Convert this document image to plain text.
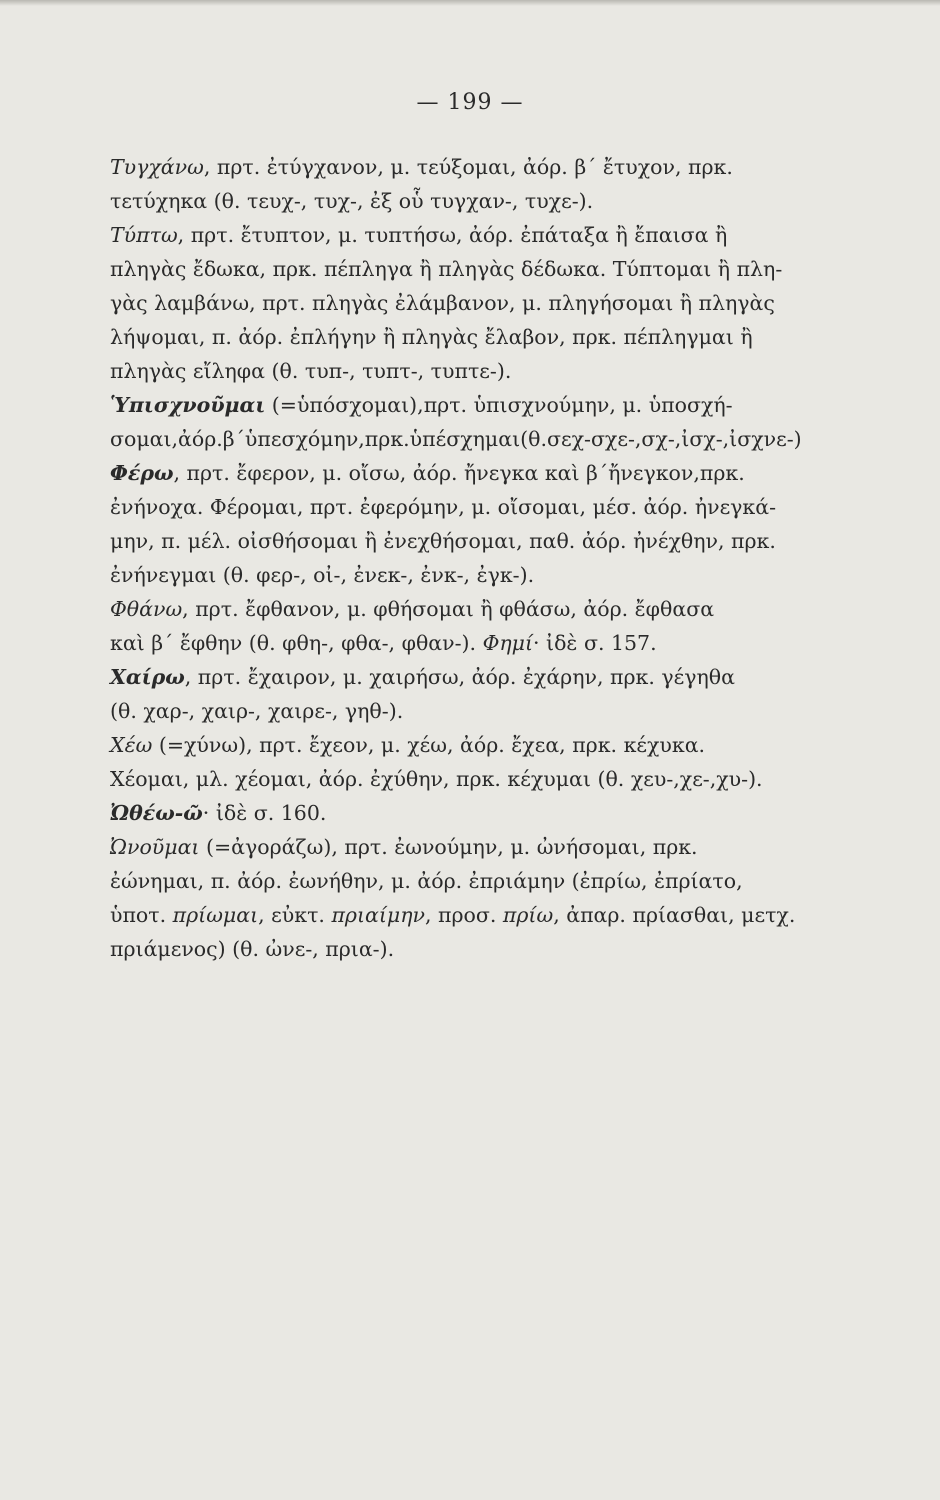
— 199 —
Τυγχάνω , πρτ. ἐτύγχανον, μ. τεύξομαι, ἀόρ. β΄ ἔτυχον, πρκ.
τετύχηκα (θ. τευχ-, τυχ-, ἐξ οὗ τυγχαν-, τυχε-).
Τύπτω , πρτ. ἔτυπτον, μ. τυπτήσω, ἀόρ. ἐπάταξα ἢ ἔπαισα ἢ
πληγὰς ἔδωκα, πρκ. πέπληγα ἢ πληγὰς δέδωκα. Τύπτομαι ἢ πλη-
γὰς λαμβάνω, πρτ. πληγὰς ἐλάμβανον, μ. πληγήσομαι ἢ πληγὰς
λήψομαι, π. ἀόρ. ἐπλήγην ἢ πληγὰς ἔλαβον, πρκ. πέπληγμαι ἢ
πληγὰς εἴληφα (θ. τυπ-, τυπτ-, τυπτε-).
Ὑπισχνοῦμαι (=ὑπόσχομαι),πρτ. ὑπισχνούμην, μ. ὑποσχή-
σομαι,ἀόρ.β΄ὑπεσχόμην,πρκ.ὑπέσχημαι(θ.σεχ-σχε-,σχ-,ἰσχ-,ἰσχνε-)
Φέρω , πρτ. ἔφερον, μ. οἴσω, ἀόρ. ἤνεγκα καὶ β΄ἤνεγκον,πρκ.
ἐνήνοχα. Φέρομαι, πρτ. ἐφερόμην, μ. οἴσομαι, μέσ. ἀόρ. ἠνεγκά-
μην, π. μέλ. οἰσθήσομαι ἢ ἐνεχθήσομαι, παθ. ἀόρ. ἠνέχθην, πρκ.
ἐνήνεγμαι (θ. φερ-, οἰ-, ἐνεκ-, ἐνκ-, ἐγκ-).
Φθάνω , πρτ. ἔφθανον, μ. φθήσομαι ἢ φθάσω, ἀόρ. ἔφθασα
καὶ β΄ ἔφθην (θ. φθη-, φθα-, φθαν-). Φημί · ἰδὲ σ. 157.
Χαίρω , πρτ. ἔχαιρον, μ. χαιρήσω, ἀόρ. ἐχάρην, πρκ. γέγηθα
(θ. χαρ-, χαιρ-, χαιρε-, γηθ-).
Χέω (=χύνω), πρτ. ἔχεον, μ. χέω, ἀόρ. ἔχεα, πρκ. κέχυκα.
Χέομαι, μλ. χέομαι, ἀόρ. ἐχύθην, πρκ. κέχυμαι (θ. χευ-,χε-,χυ-).
Ὠθέω-ῶ · ἰδὲ σ. 160.
Ὠνοῦμαι (=ἀγοράζω), πρτ. ἐωνούμην, μ. ὠνήσομαι, πρκ.
ἐώνημαι, π. ἀόρ. ἐωνήθην, μ. ἀόρ. ἐπριάμην (ἐπρίω, ἐπρίατο,
ὑποτ. πρίωμαι , εὐκτ. πριαίμην , προσ. πρίω , ἀπαρ. πρίασθαι, μετχ.
πριάμενος) (θ. ὠνε-, πρια-).
